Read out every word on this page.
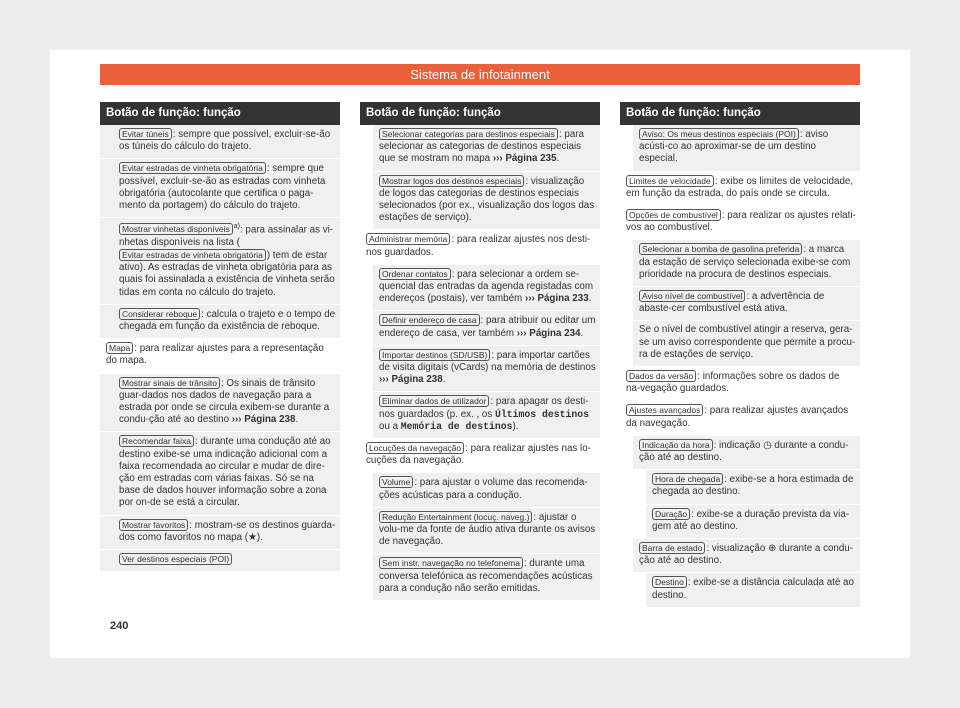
Sistema de infotainment
Botão de função: função
Evitar túneis : sempre que possível, excluir-se-ão os túneis do cálculo do trajeto.
Evitar estradas de vinheta obrigatória : sempre que possível, excluir-se-ão as estradas com vinheta obrigatória (autocolante que certifica o paga-mento da portagem) do cálculo do trajeto.
Mostrar vinhetas disponíveis $^{a)}$: para assinalar as vi-nhetas disponíveis na lista (Evitar estradas de vinheta obrigatória ) tem de estar ativo). As estradas de vinheta obrigatória para as quais foi assinalada a existência de vinheta serão tidas em conta no cálculo do trajeto.
Considerar reboque : calcula o trajeto e o tempo de chegada em função da existência de reboque.
Mapa : para realizar ajustes para a representação do mapa.
Mostrar sinais de trânsito : Os sinais de trânsito guar-dados nos dados de navegação para a estrada por onde se circula exibem-se durante a condu-ção até ao destino ››› Página 238.
Recomendar faixa : durante uma condução até ao destino exibe-se uma indicação adicional com a faixa recomendada ao circular e mudar de dire-ção em estradas com várias faixas. Só se na base de dados houver informação sobre a zona por on-de se está a circular.
Mostrar favoritos : mostram-se os destinos guarda-dos como favoritos no mapa (★).
Ver destinos especiais (POI)
Botão de função: função
Selecionar categorias para destinos especiais : para selecionar as categorias de destinos especiais que se mostram no mapa ››› Página 235.
Mostrar logos dos destinos especiais : visualização de logos das categorias de destinos especiais selecionados (por ex., visualização dos logos das estações de serviço).
Administrar memória : para realizar ajustes nos desti-nos guardados.
Ordenar contatos : para selecionar a ordem se-quencial das entradas da agenda registadas com endereços (postais), ver também ››› Página 233.
Definir endereço de casa : para atribuir ou editar um endereço de casa, ver também ››› Página 234.
Importar destinos (SD/USB) : para importar cartões de visita digitais (vCards) na memória de destinos ››› Página 238.
Eliminar dados de utilizador : para apagar os desti-nos guardados (p. ex. , os Últimos destinos ou a Memória de destinos).
Locuções da navegação : para realizar ajustes nas lo-cuções da navegação.
Volume : para ajustar o volume das recomenda-ções acústicas para a condução.
Redução Entertainment (locuç. naveg.) : ajustar o volu-me da fonte de áudio ativa durante os avisos de navegação.
Sem instr. navegação no telefonema : durante uma conversa telefónica as recomendações acústicas para a condução não serão emitidas.
Botão de função: função
Aviso: Os meus destinos especiais (POI) : aviso acústi-co ao aproximar-se de um destino especial.
Limites de velocidade : exibe os limites de velocidade, em função da estrada, do país onde se circula.
Opções de combustível : para realizar os ajustes relati-vos ao combustível.
Selecionar a bomba de gasolina preferida : a marca da estação de serviço selecionada exibe-se com prioridade na procura de destinos especiais.
Aviso nível de combustível : a advertência de abaste-cer combustível está ativa.
Se o nível de combustível atingir a reserva, gera-se um aviso correspondente que permite a procu-ra de estações de serviço.
Dados da versão : informações sobre os dados de na-vegação guardados.
Ajustes avançados : para realizar ajustes avançados da navegação.
Indicação da hora : indicação ◷ durante a condu-ção até ao destino.
Hora de chegada : exibe-se a hora estimada de chegada ao destino.
Duração : exibe-se a duração prevista da via-gem até ao destino.
Barra de estado : visualização ⊕ durante a condu-ção até ao destino.
Destino : exibe-se a distância calculada até ao destino.
240
